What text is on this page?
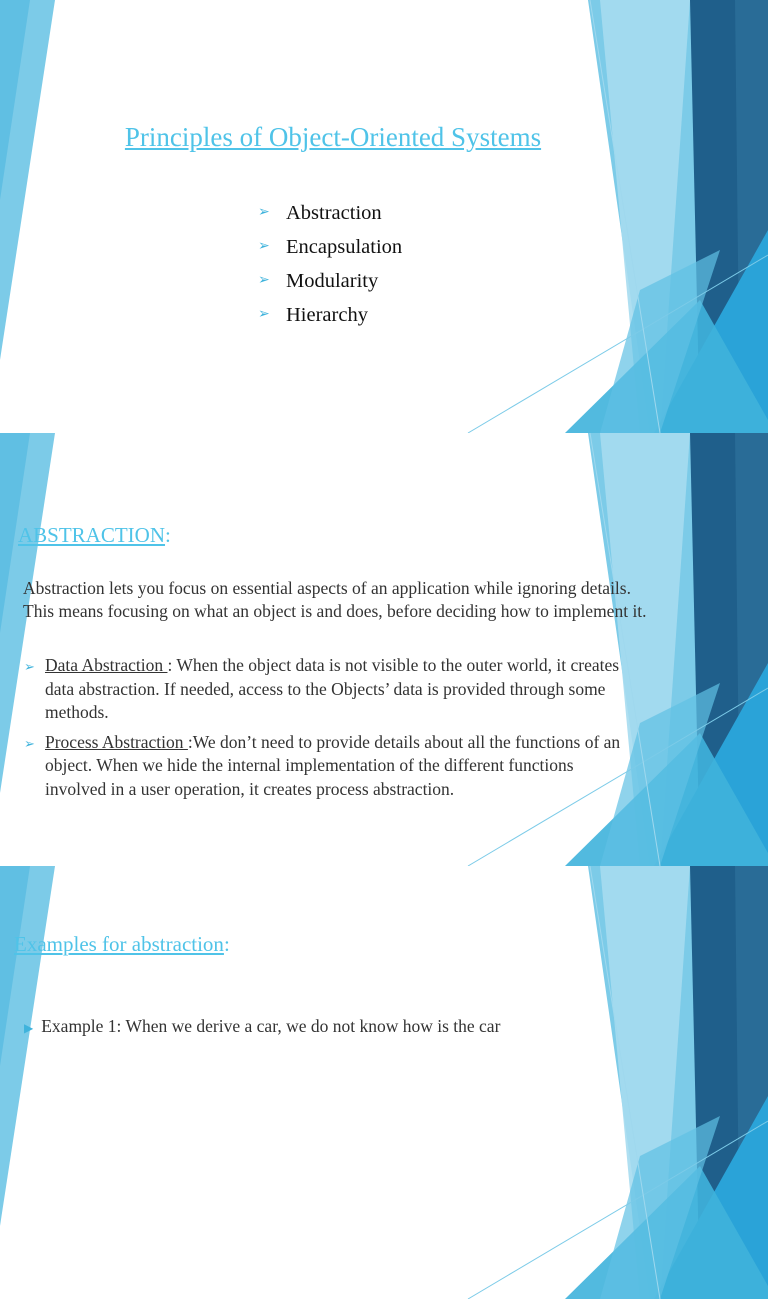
Principles of Object-Oriented Systems
➢ Abstraction
➢ Encapsulation
➢ Modularity
➢ Hierarchy
ABSTRACTION:

Abstraction lets you focus on essential aspects of an application while ignoring details. This means focusing on what an object is and does, before deciding how to implement it.

➢ Data Abstraction : When the object data is not visible to the outer world, it creates data abstraction. If needed, access to the Objects’ data is provided through some methods.
➢ Process Abstraction :We don’t need to provide details about all the functions of an object. When we hide the internal implementation of the different functions involved in a user operation, it creates process abstraction.
Examples for abstraction:
▶ Example 1: When we derive a car, we do not know how is the car
